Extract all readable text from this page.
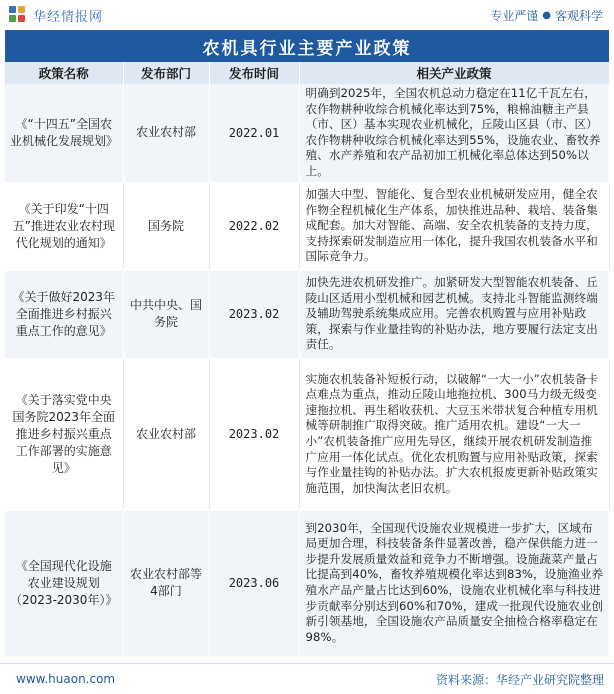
华经情报网	专业严谨 ● 客观科学
农机具行业主要产业政策
政策名称	发布部门	发布时间	相关产业政策
《“十四五”全国农业机械化发展规划》	农业农村部	2022.01	明确到2025年，全国农机总动力稳定在11亿千瓦左右，农作物耕种收综合机械化率达到75%，粮棉油糖主产县（市、区）基本实现农业机械化，丘陵山区县（市、区）农作物耕种收综合机械化率达到55%，设施农业、畜牧养殖、水产养殖和农产品初加工机械化率总体达到50%以上。
《关于印发“十四五”推进农业农村现代化规划的通知》	国务院	2022.02	加强大中型、智能化、复合型农业机械研发应用，健全农作物全程机械化生产体系，加快推进品种、栽培、装备集成配套。加大对智能、高端、安全农机装备的支持力度，支持探索研发制造应用一体化，提升我国农机装备水平和国际竞争力。
《关于做好2023年全面推进乡村振兴重点工作的意见》	中共中央、国务院	2023.02	加快先进农机研发推广。加紧研发大型智能农机装备、丘陵山区适用小型机械和园艺机械。支持北斗智能监测终端及辅助驾驶系统集成应用。完善农机购置与应用补贴政策，探索与作业量挂钩的补贴办法，地方要履行法定支出责任。
《关于落实党中央国务院2023年全面推进乡村振兴重点工作部署的实施意见》	农业农村部	2023.02	实施农机装备补短板行动，以破解“一大一小”农机装备卡点难点为重点，推动丘陵山地拖拉机、300马力级无级变速拖拉机、再生稻收获机、大豆玉米带状复合种植专用机械等研制推广取得突破。推广适用农机。建设“一大一小”农机装备推广应用先导区，继续开展农机研发制造推广应用一体化试点。优化农机购置与应用补贴政策，探索与作业量挂钩的补贴办法。扩大农机报废更新补贴政策实施范围，加快淘汰老旧农机。
《全国现代化设施农业建设规划（2023-2030年）》	农业农村部等4部门	2023.06	到2030年，全国现代设施农业规模进一步扩大，区域布局更加合理，科技装备条件显著改善，稳产保供能力进一步提升发展质量效益和竞争力不断增强。设施蔬菜产量占比提高到40%，畜牧养殖规模化率达到83%，设施渔业养殖水产品产量占比达到60%，设施农业机械化率与科技进步贡献率分别达到60%和70%，建成一批现代设施农业创新引领基地，全国设施农产品质量安全抽检合格率稳定在98%。
www.huaon.com	资料来源：华经产业研究院整理
